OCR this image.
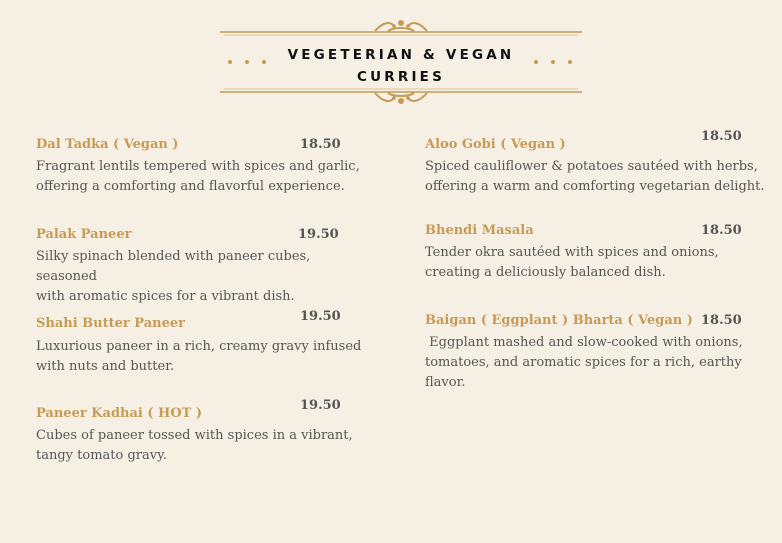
VEGETERIAN & VEGAN
CURRIES
Dal Tadka ( Vegan )	18.50
Fragrant lentils tempered with spices and garlic,
offering a comforting and flavorful experience.
Palak Paneer	19.50
Silky spinach blended with paneer cubes, seasoned
with aromatic spices for a vibrant dish.
Shahi Butter Paneer	19.50
Luxurious paneer in a rich, creamy gravy infused
with nuts and butter.
Paneer Kadhai ( HOT )
19.50
Cubes of paneer tossed with spices in a vibrant,
tangy tomato gravy.
Aloo Gobi ( Vegan )
18.50
Spiced cauliflower & potatoes sautéed with herbs,
offering a warm and comforting vegetarian delight.
Bhendi Masala	18.50
Tender okra sautéed with spices and onions,
creating a deliciously balanced dish.
Baigan ( Eggplant ) Bharta ( Vegan ) 18.50
Eggplant mashed and slow-cooked with onions,
tomatoes, and aromatic spices for a rich, earthy
flavor.
